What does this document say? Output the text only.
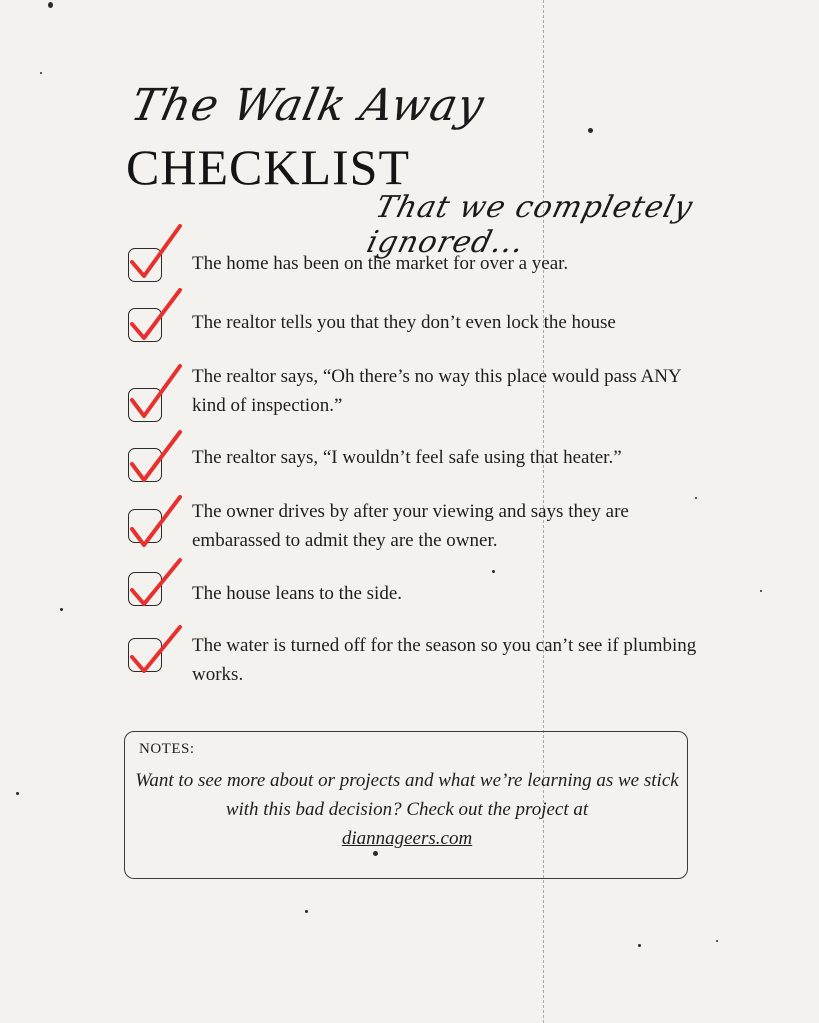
The Walk Away
CHECKLIST
That we completely ignored...
The home has been on the market for over a year.
The realtor tells you that they don’t even lock the house
The realtor says, “Oh there’s no way this place would pass ANY kind of inspection.”
The realtor says, “I wouldn’t feel safe using that heater.”
The owner drives by after your viewing and says they are embarassed to admit they are the owner.
The house leans to the side.
The water is turned off for the season so you can’t see if plumbing works.
NOTES:
Want to see more about or projects and what we’re learning as we stick with this bad decision? Check out the project at
diannageers.com
